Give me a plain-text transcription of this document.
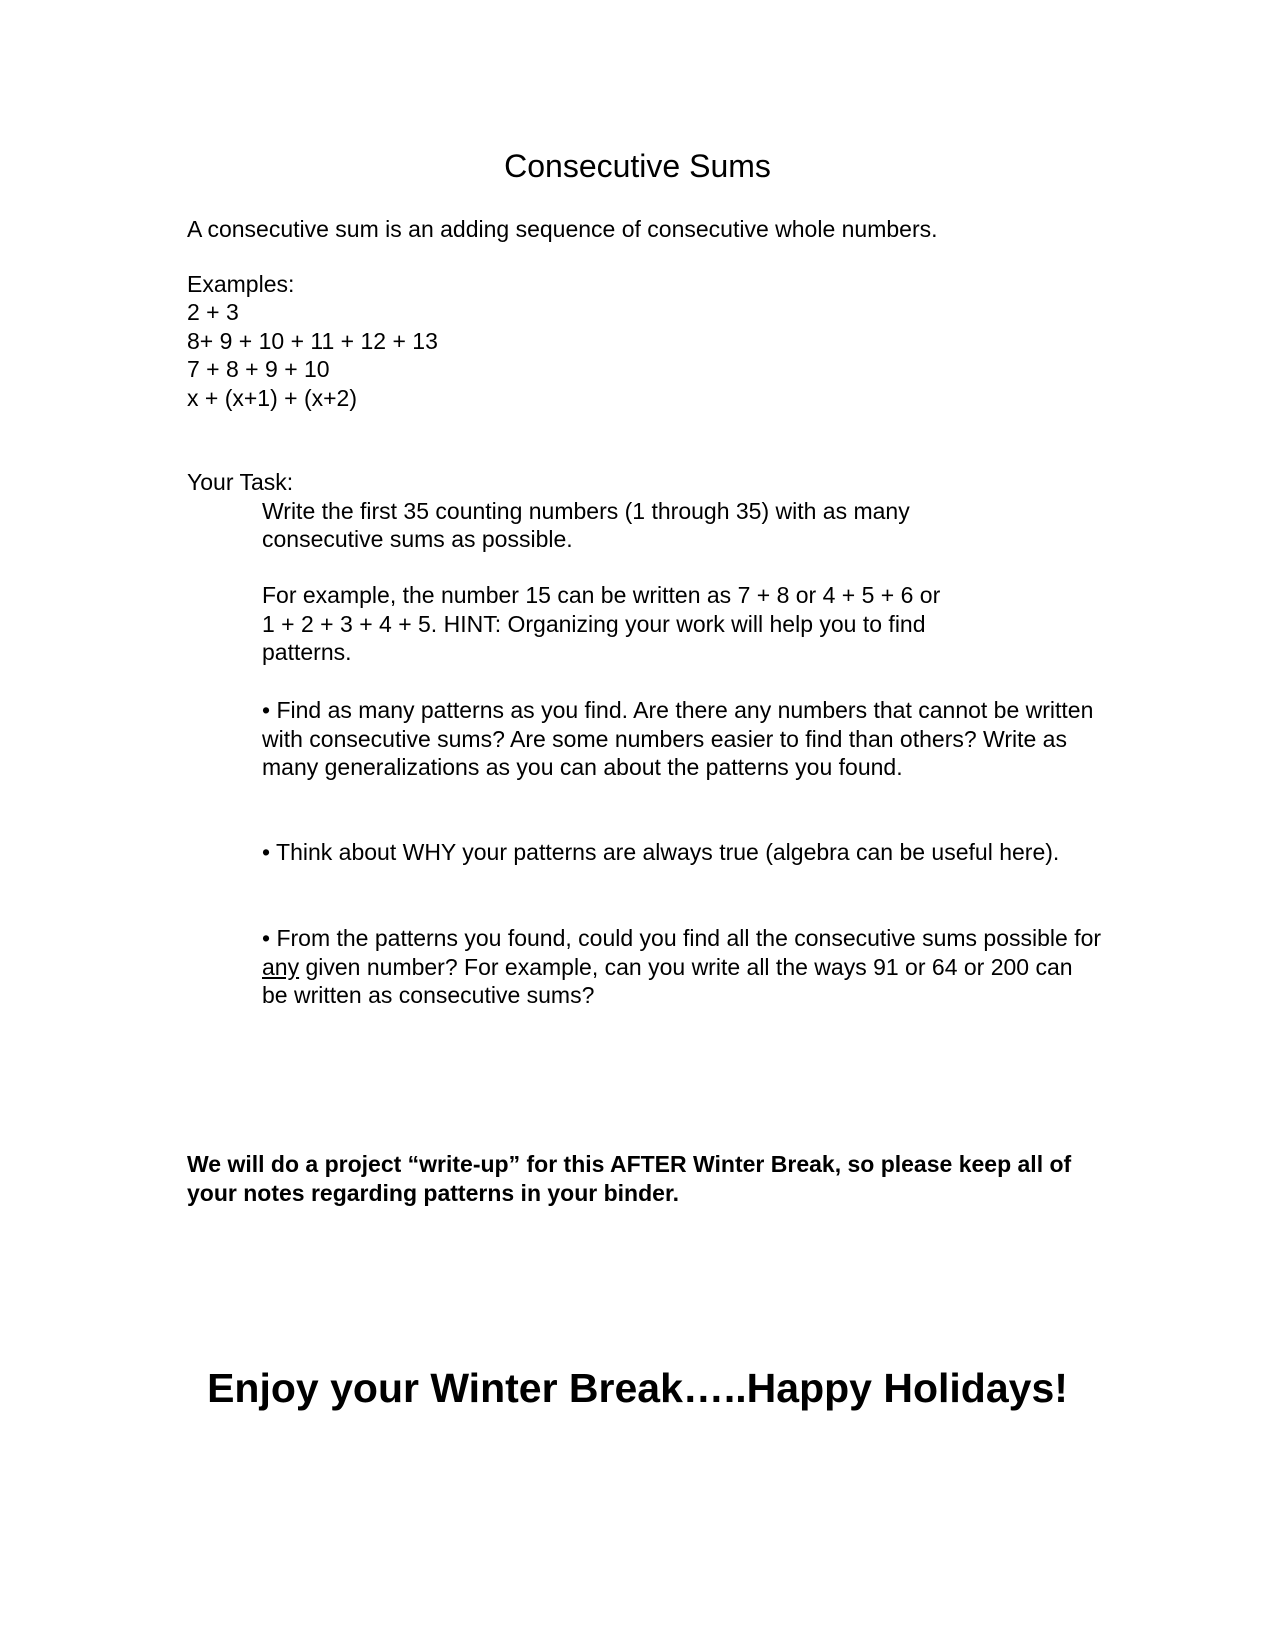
Consecutive Sums

A consecutive sum is an adding sequence of consecutive whole numbers.

Examples:

2 + 3

8+ 9 + 10 + 11 + 12 + 13

7 + 8 + 9 + 10

x + (x+1) + (x+2)

Your Task:

Write the first 35 counting numbers (1 through 35) with as many

consecutive sums as possible.

For example, the number 15 can be written as 7 + 8 or 4 + 5 + 6 or

1 + 2 + 3 + 4 + 5. HINT: Organizing your work will help you to find

patterns.

• Find as many patterns as you find. Are there any numbers that cannot be written with consecutive sums? Are some numbers easier to find than others? Write as many generalizations as you can about the patterns you found.

• Think about WHY your patterns are always true (algebra can be useful here).

• From the patterns you found, could you find all the consecutive sums possible for any given number? For example, can you write all the ways 91 or 64 or 200 can be written as consecutive sums?

We will do a project “write-up” for this AFTER Winter Break, so please keep all of your notes regarding patterns in your binder.

Enjoy your Winter Break…..Happy Holidays!
